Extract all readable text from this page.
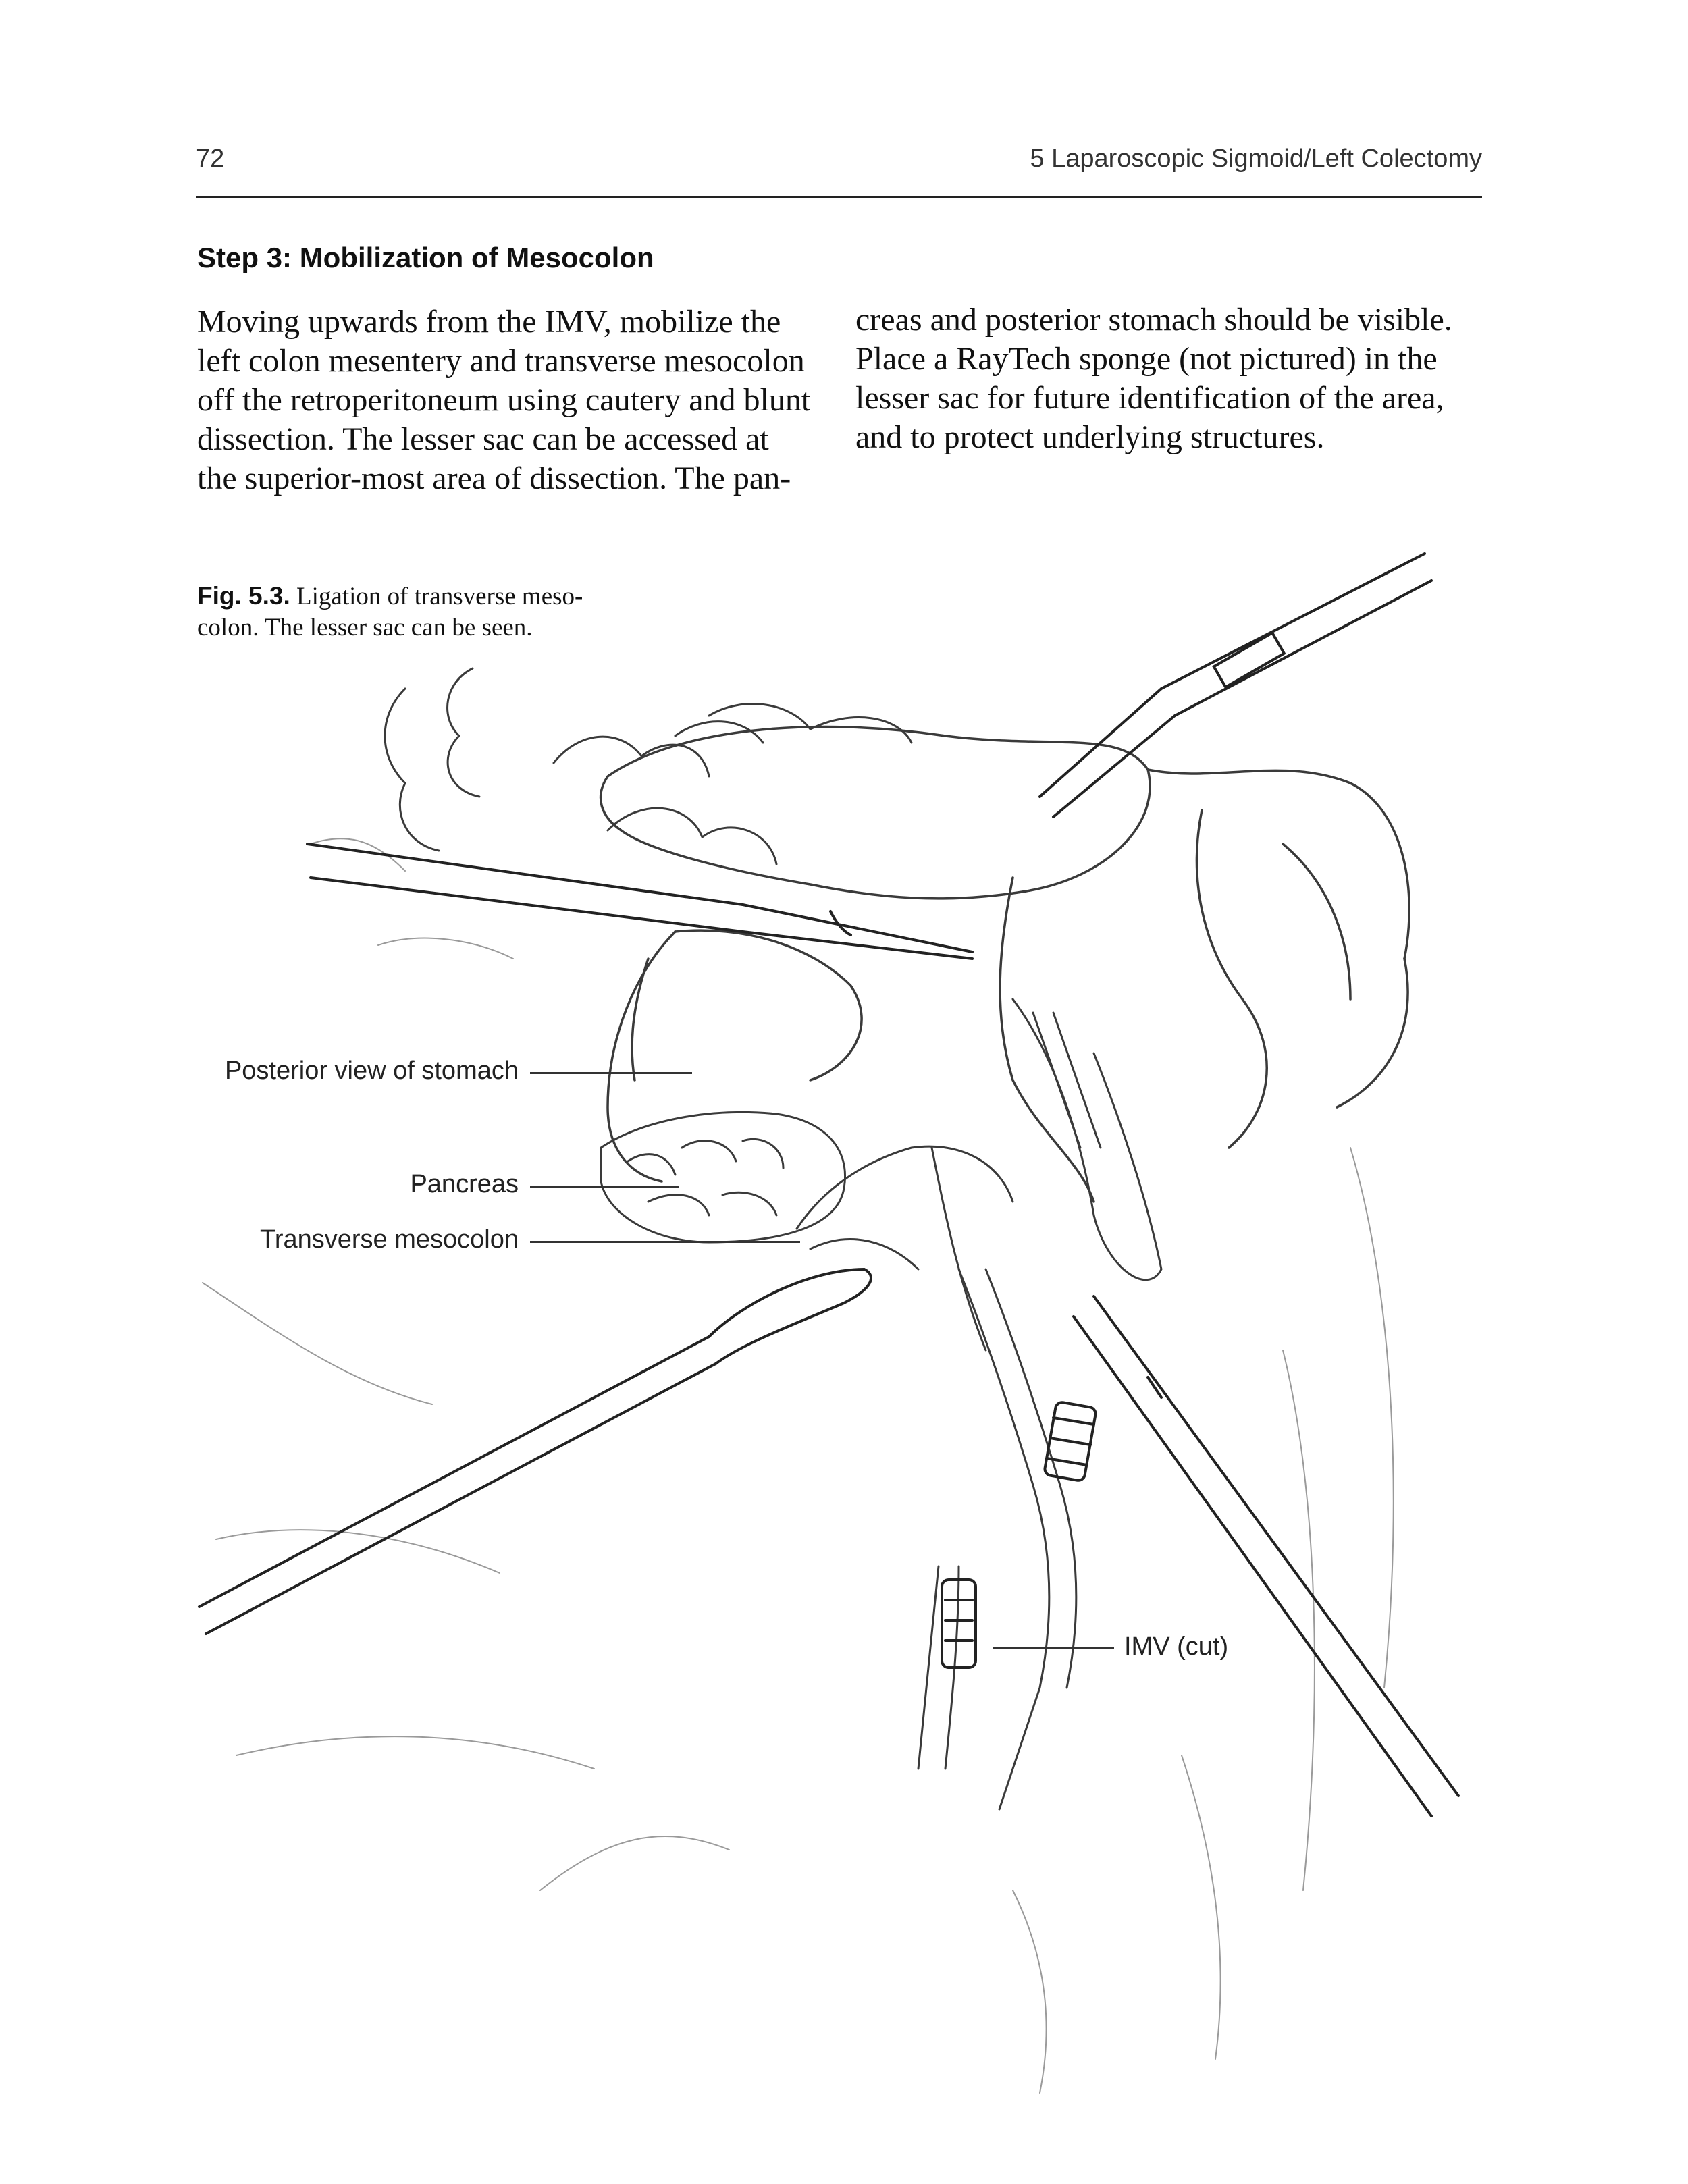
72	5 Laparoscopic Sigmoid/Left Colectomy
Step 3: Mobilization of Mesocolon
Moving upwards from the IMV, mobilize the
left colon mesentery and transverse mesocolon
off the retroperitoneum using cautery and blunt
dissection. The lesser sac can be accessed at
the superior-most area of dissection. The pan-
creas and posterior stomach should be visible.
Place a RayTech sponge (not pictured) in the
lesser sac for future identification of the area,
and to protect underlying structures.
Fig. 5.3. Ligation of transverse meso-
colon. The lesser sac can be seen.
Posterior view of stomach
Pancreas
Transverse mesocolon
IMV (cut)
